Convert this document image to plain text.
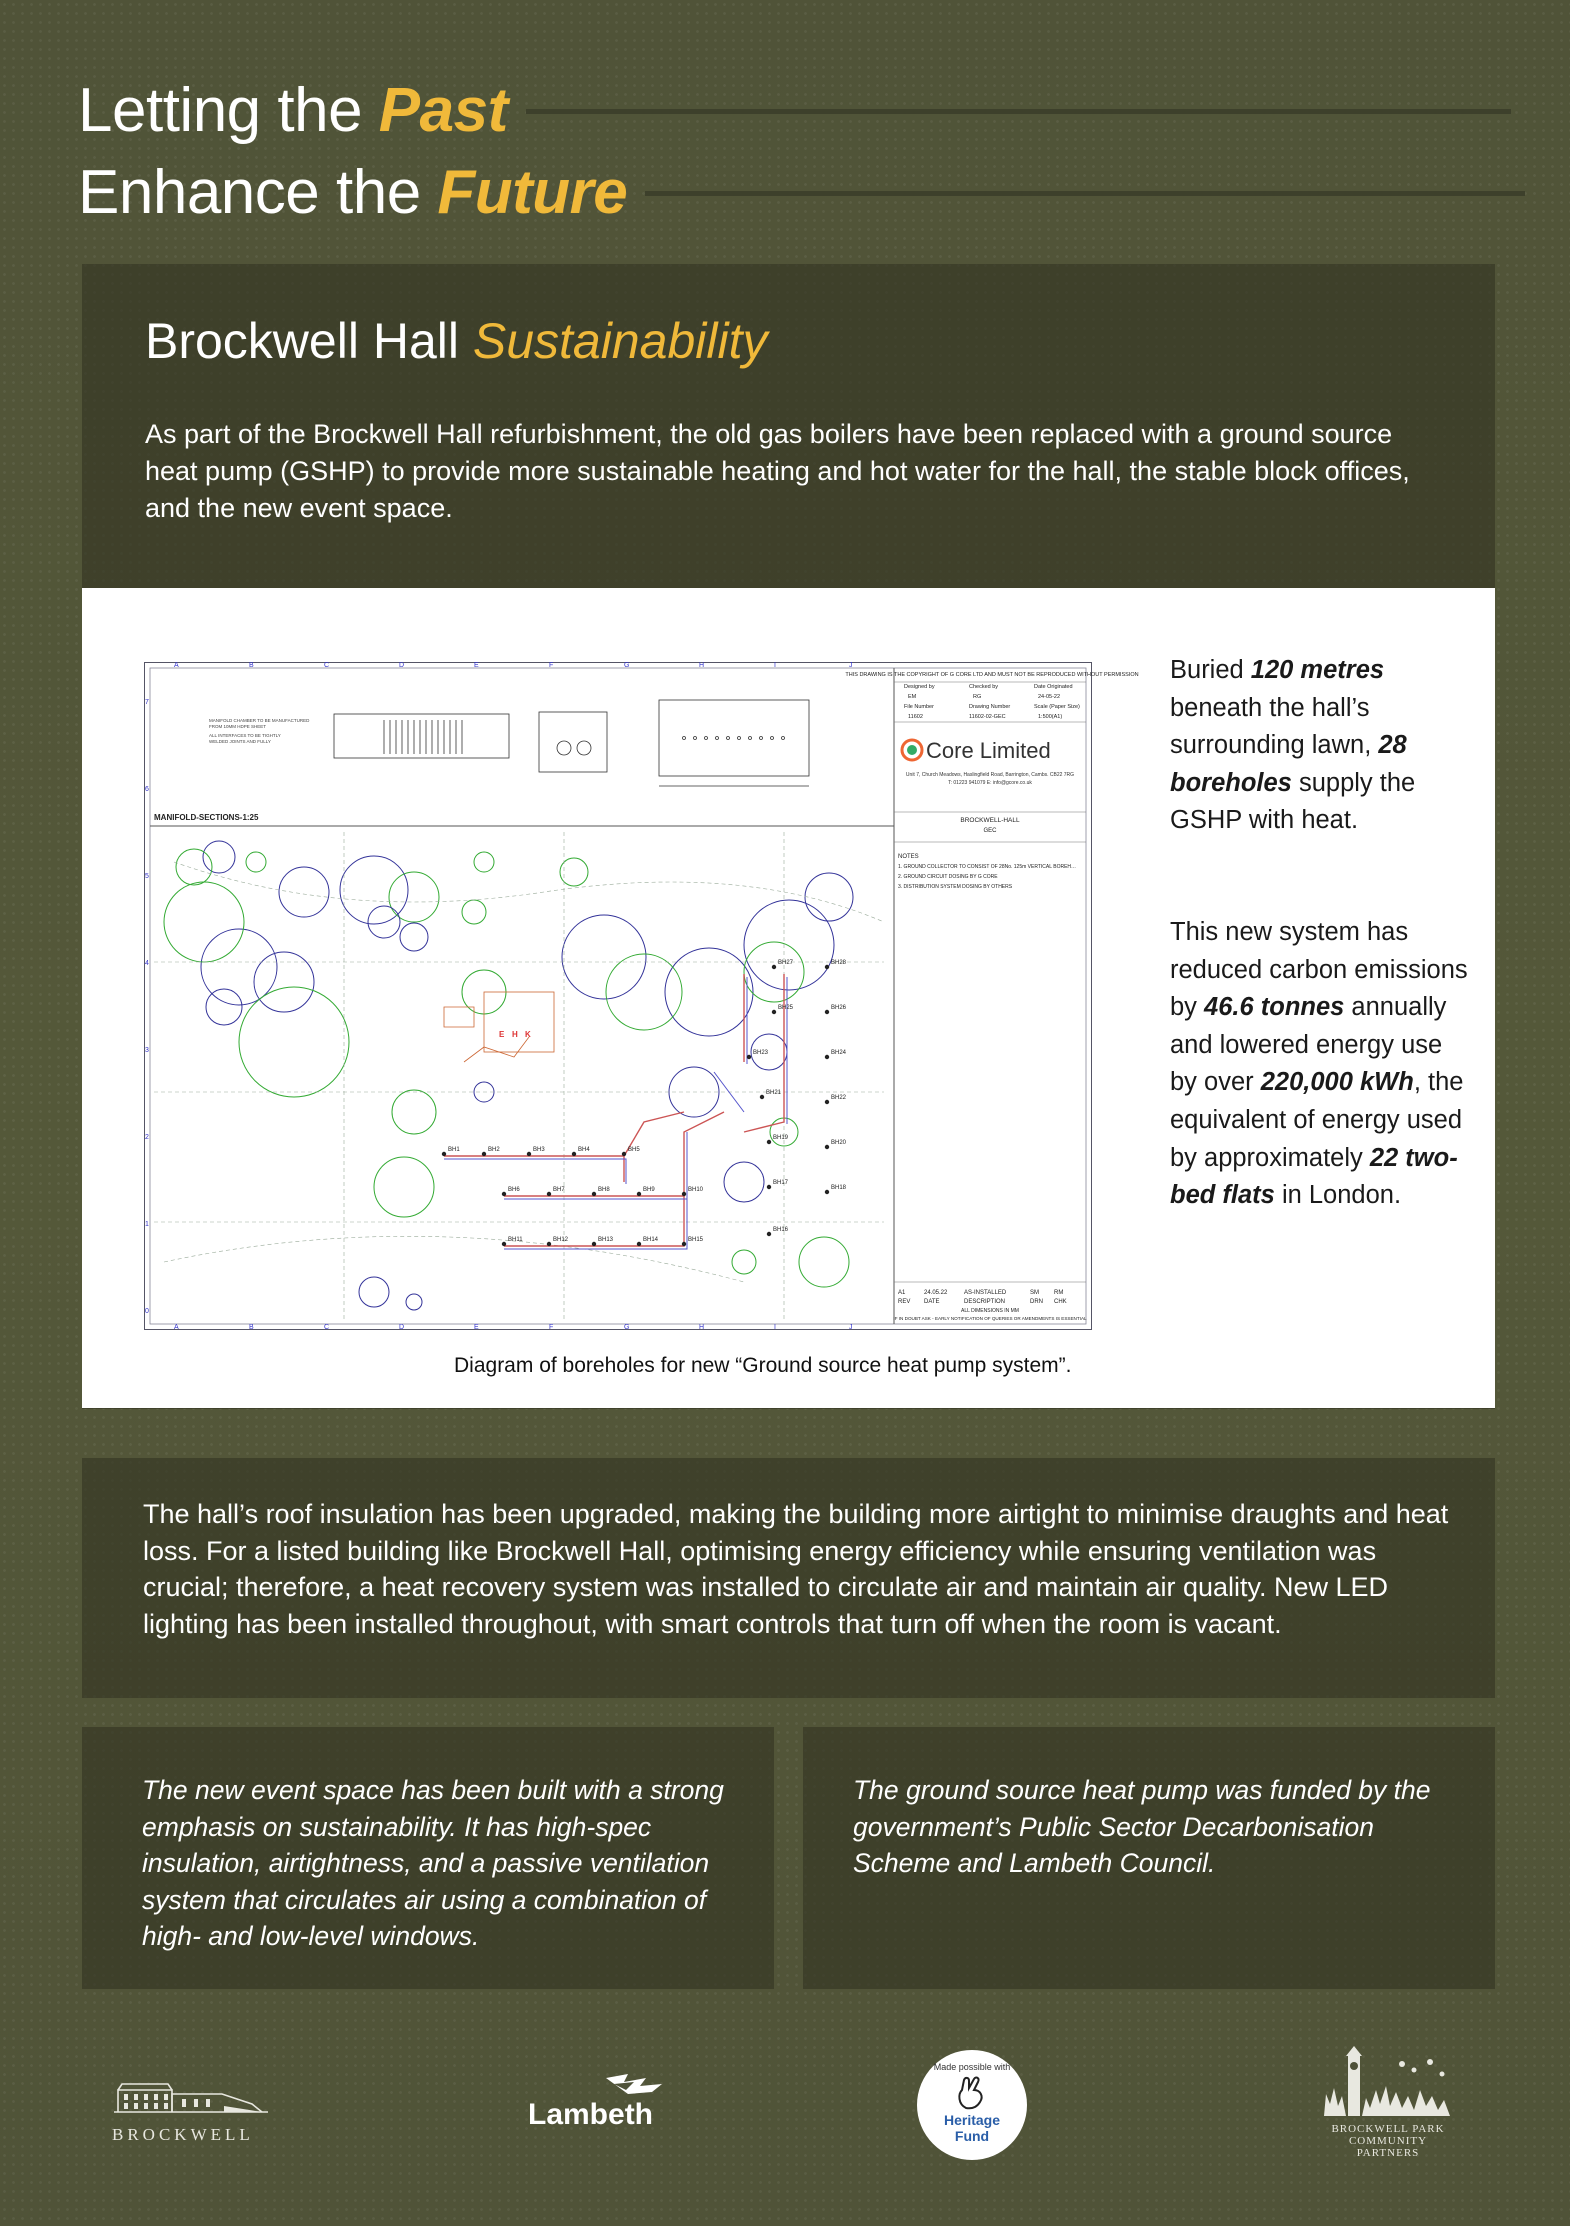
Letting the Past
Enhance the Future
Brockwell Hall Sustainability
As part of the Brockwell Hall refurbishment, the old gas boilers have been replaced with a ground source heat pump (GSHP) to provide more sustainable heating and hot water for the hall, the stable block offices, and the new event space.
A
A
B
B
C
C
D
D
E
E
F
F
G
G
H
H
I
I
J
J
7
6
5
4
3
2
1
0
MANIFOLD-SECTIONS-1:25
THIS DRAWING IS THE COPYRIGHT OF G CORE LTD AND MUST NOT BE REPRODUCED WITHOUT PERMISSION
Designed by	Checked by	Date Originated
EM	RG	24-05-22
File Number	Drawing Number	Scale (Paper Size)
11602	11602-02-GEC	1:500(A1)
Core Limited
Unit 7, Church Meadows, Haslingfield Road, Barrington, Cambs. CB22 7RG
T: 01223 941079 E: info@gcore.co.uk
BROCKWELL-HALL
GEC
NOTES
1. GROUND COLLECTOR TO CONSIST OF 28No. 125m VERTICAL BOREH…
2. GROUND CIRCUIT DOSING BY G CORE
3. DISTRIBUTION SYSTEM DOSING BY OTHERS
A1	24.05.22	AS-INSTALLED	SM	RM
REV DATE	DESCRIPTION	DRN CHK
ALL DIMENSIONS IN MM
IF IN DOUBT ASK - EARLY NOTIFICATION OF QUERIES OR AMENDMENTS IS ESSENTIAL
MANIFOLD CHAMBER TO BE MANUFACTURED
FROM 10MM HDPE SHEET
ALL INTERFACES TO BE TIGHTLY
WELDED JOINTS AND FULLY
E H K
BH1	BH2	BH3	BH4	BH5
BH6	BH7	BH8	BH9	BH10
BH11	BH12	BH13	BH14	BH15
BH16
BH17
BH18
BH19
BH20
BH21
BH22
BH23	BH24
BH25	BH26
BH27	BH28
Diagram of boreholes for new “Ground source heat pump system”.
Buried 120 metres beneath the hall’s surrounding lawn, 28 boreholes supply the GSHP with heat.
This new system has reduced carbon emissions by 46.6 tonnes annually and lowered energy use by over 220,000 kWh, the equivalent of energy used by approximately 22 two-bed flats in London.
The hall’s roof insulation has been upgraded, making the building more airtight to minimise draughts and heat loss. For a listed building like Brockwell Hall, optimising energy efficiency while ensuring ventilation was crucial; therefore, a heat recovery system was installed to circulate air and maintain air quality. New LED lighting has been installed throughout, with smart controls that turn off when the room is vacant.
The new event space has been built with a strong emphasis on sustainability. It has high-spec insulation, airtightness, and a passive ventilation system that circulates air using a combination of high- and low-level windows.
The ground source heat pump was funded by the government’s Public Sector Decarbonisation Scheme and Lambeth Council.
BROCKWELL
Lambeth
Made possible with
Heritage
Fund	BROCKWELL PARK
COMMUNITY PARTNERS
